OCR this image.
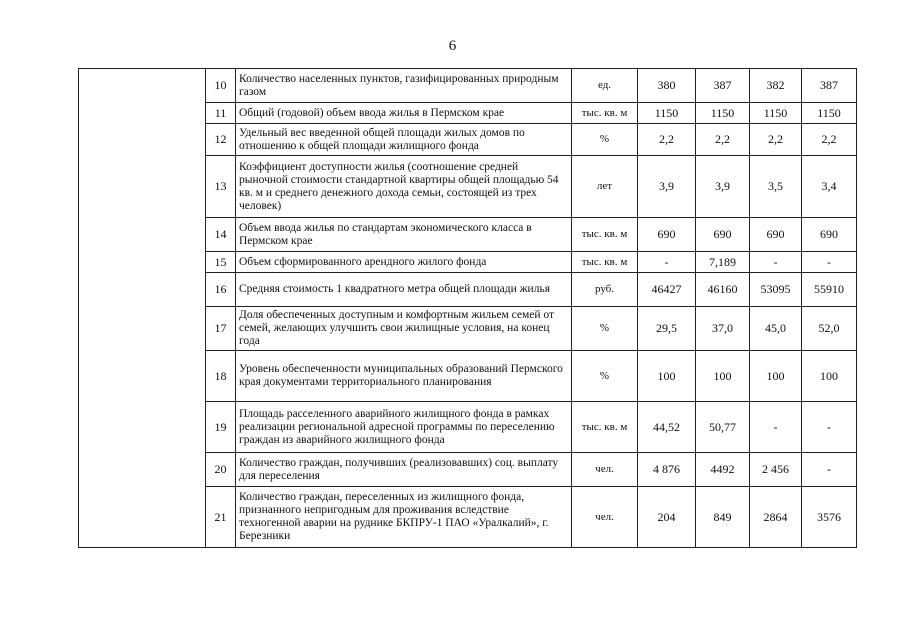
6
	10	Количество населенных пунктов, газифицированных природным газом	ед.	380	387	382	387
	11	Общий (годовой) объем ввода жилья в Пермском крае	тыс. кв. м	1150	1150	1150	1150
	12	Удельный вес введенной общей площади жилых домов по отношению к общей площади жилищного фонда	%	2,2	2,2	2,2	2,2
	13	Коэффициент доступности жилья (соотношение средней рыночной стоимости стандартной квартиры общей площадью 54 кв. м и среднего денежного дохода семьи, состоящей из трех человек)	лет	3,9	3,9	3,5	3,4
	14	Объем ввода жилья по стандартам экономического класса в Пермском крае	тыс. кв. м	690	690	690	690
	15	Объем сформированного арендного жилого фонда	тыс. кв. м	-	7,189	-	-
	16	Средняя стоимость 1 квадратного метра общей площади жилья	руб.	46427	46160	53095	55910
	17	Доля обеспеченных доступным и комфортным жильем семей от семей, желающих улучшить свои жилищные условия, на конец года	%	29,5	37,0	45,0	52,0
	18	Уровень обеспеченности муниципальных образований Пермского края документами территориального планирования	%	100	100	100	100
	19	Площадь расселенного аварийного жилищного фонда в рамках реализации региональной адресной программы по переселению граждан из аварийного жилищного фонда	тыс. кв. м	44,52	50,77	-	-
	20	Количество граждан, получивших (реализовавших) соц. выплату для переселения	чел.	4 876	4492	2 456	-
	21	Количество граждан, переселенных из жилищного фонда, признанного непригодным для проживания вследствие техногенной аварии на руднике БКПРУ-1 ПАО «Уралкалий», г. Березники	чел.	204	849	2864	3576
